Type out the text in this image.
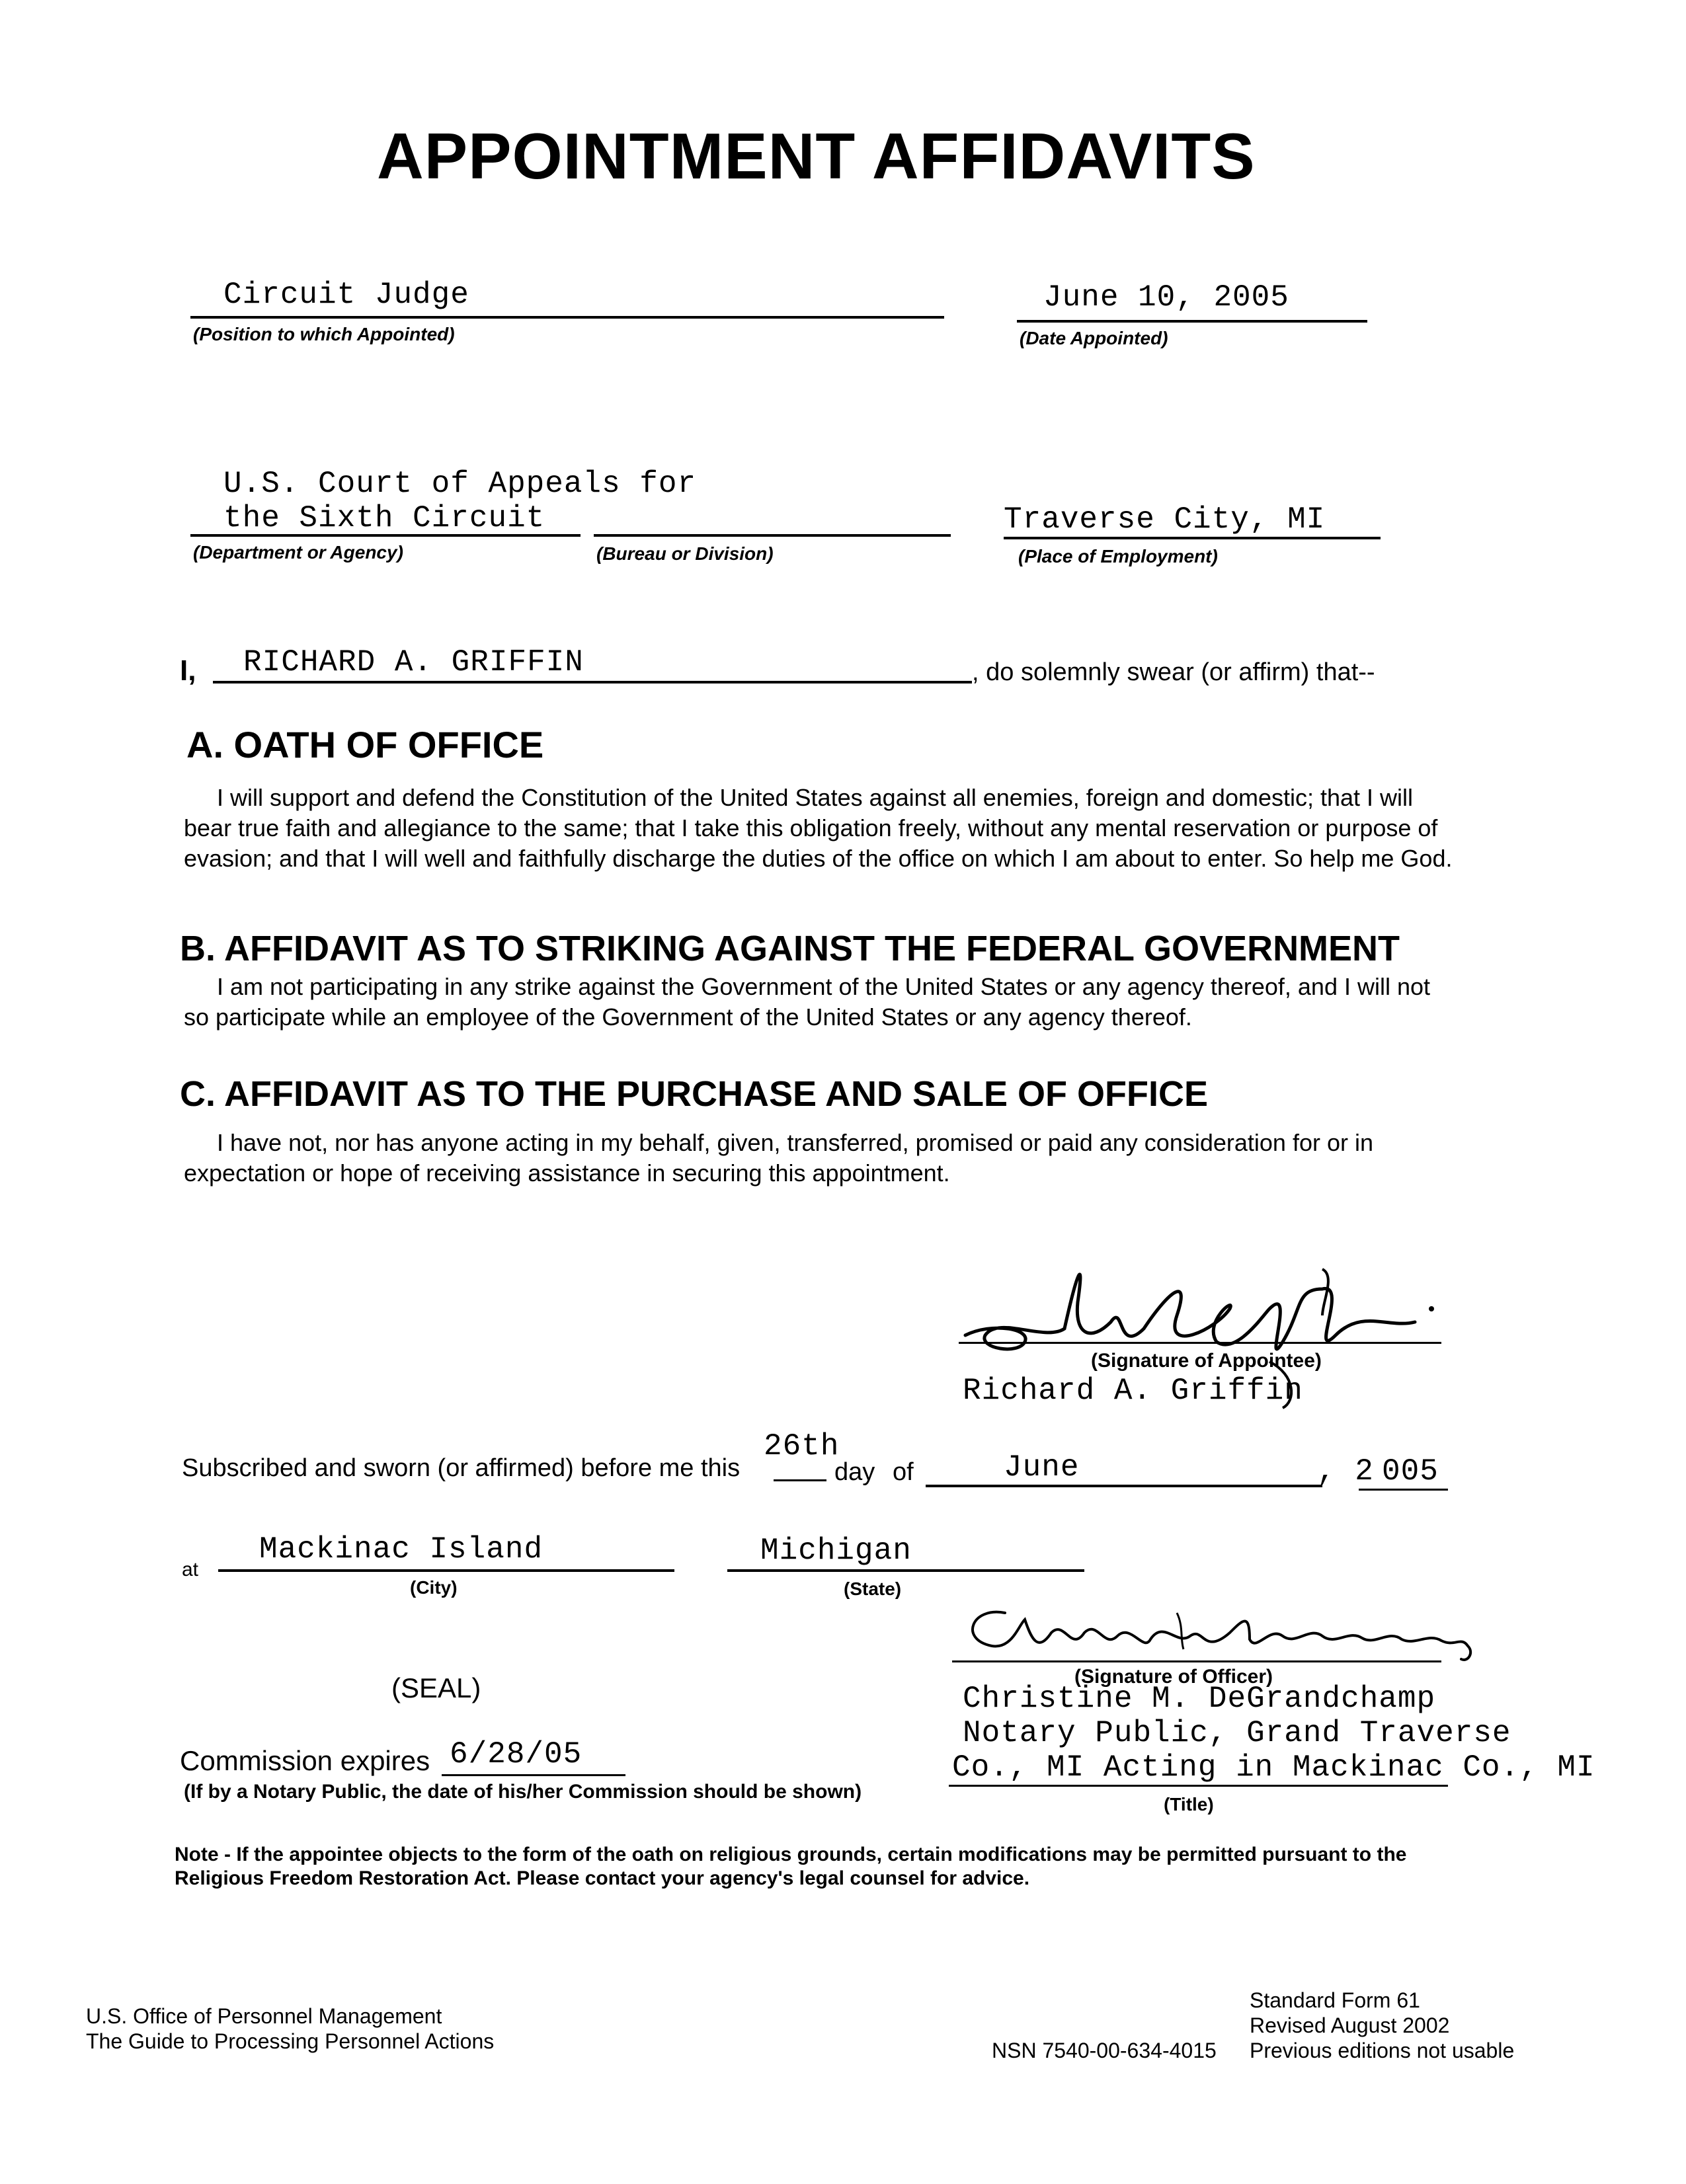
APPOINTMENT AFFIDAVITS
Circuit Judge
(Position to which Appointed)
June 10, 2005
(Date Appointed)
U.S. Court of Appeals for
the Sixth Circuit
(Department or Agency)	(Bureau or Division)
Traverse City, MI
(Place of Employment)
I, RICHARD A. GRIFFIN	, do solemnly swear (or affirm) that--
A. OATH OF OFFICE
I will support and defend the Constitution of the United States against all enemies, foreign and domestic; that I will bear true faith and allegiance to the same; that I take this obligation freely, without any mental reservation or purpose of evasion; and that I will well and faithfully discharge the duties of the office on which I am about to enter. So help me God.
B. AFFIDAVIT AS TO STRIKING AGAINST THE FEDERAL GOVERNMENT
I am not participating in any strike against the Government of the United States or any agency thereof, and I will not so participate while an employee of the Government of the United States or any agency thereof.
C. AFFIDAVIT AS TO THE PURCHASE AND SALE OF OFFICE
I have not, nor has anyone acting in my behalf, given, transferred, promised or paid any consideration for or in expectation or hope of receiving assistance in securing this appointment.
(Signature of Appointee)
Richard A. Griffin
Subscribed and sworn (or affirmed) before me this
26th
day of	June	, 2 005
at
Mackinac Island
(City)
Michigan
(State)
(Signature of Officer)
Christine M. DeGrandchamp
Notary Public, Grand Traverse
Co., MI Acting in Mackinac Co., MI
(Title)
(SEAL)
Commission expires 6/28/05
(If by a Notary Public, the date of his/her Commission should be shown)
Note - If the appointee objects to the form of the oath on religious grounds, certain modifications may be permitted pursuant to the Religious Freedom Restoration Act. Please contact your agency's legal counsel for advice.
U.S. Office of Personnel Management
The Guide to Processing Personnel Actions	NSN 7540-00-634-4015
Standard Form 61
Revised August 2002
Previous editions not usable
